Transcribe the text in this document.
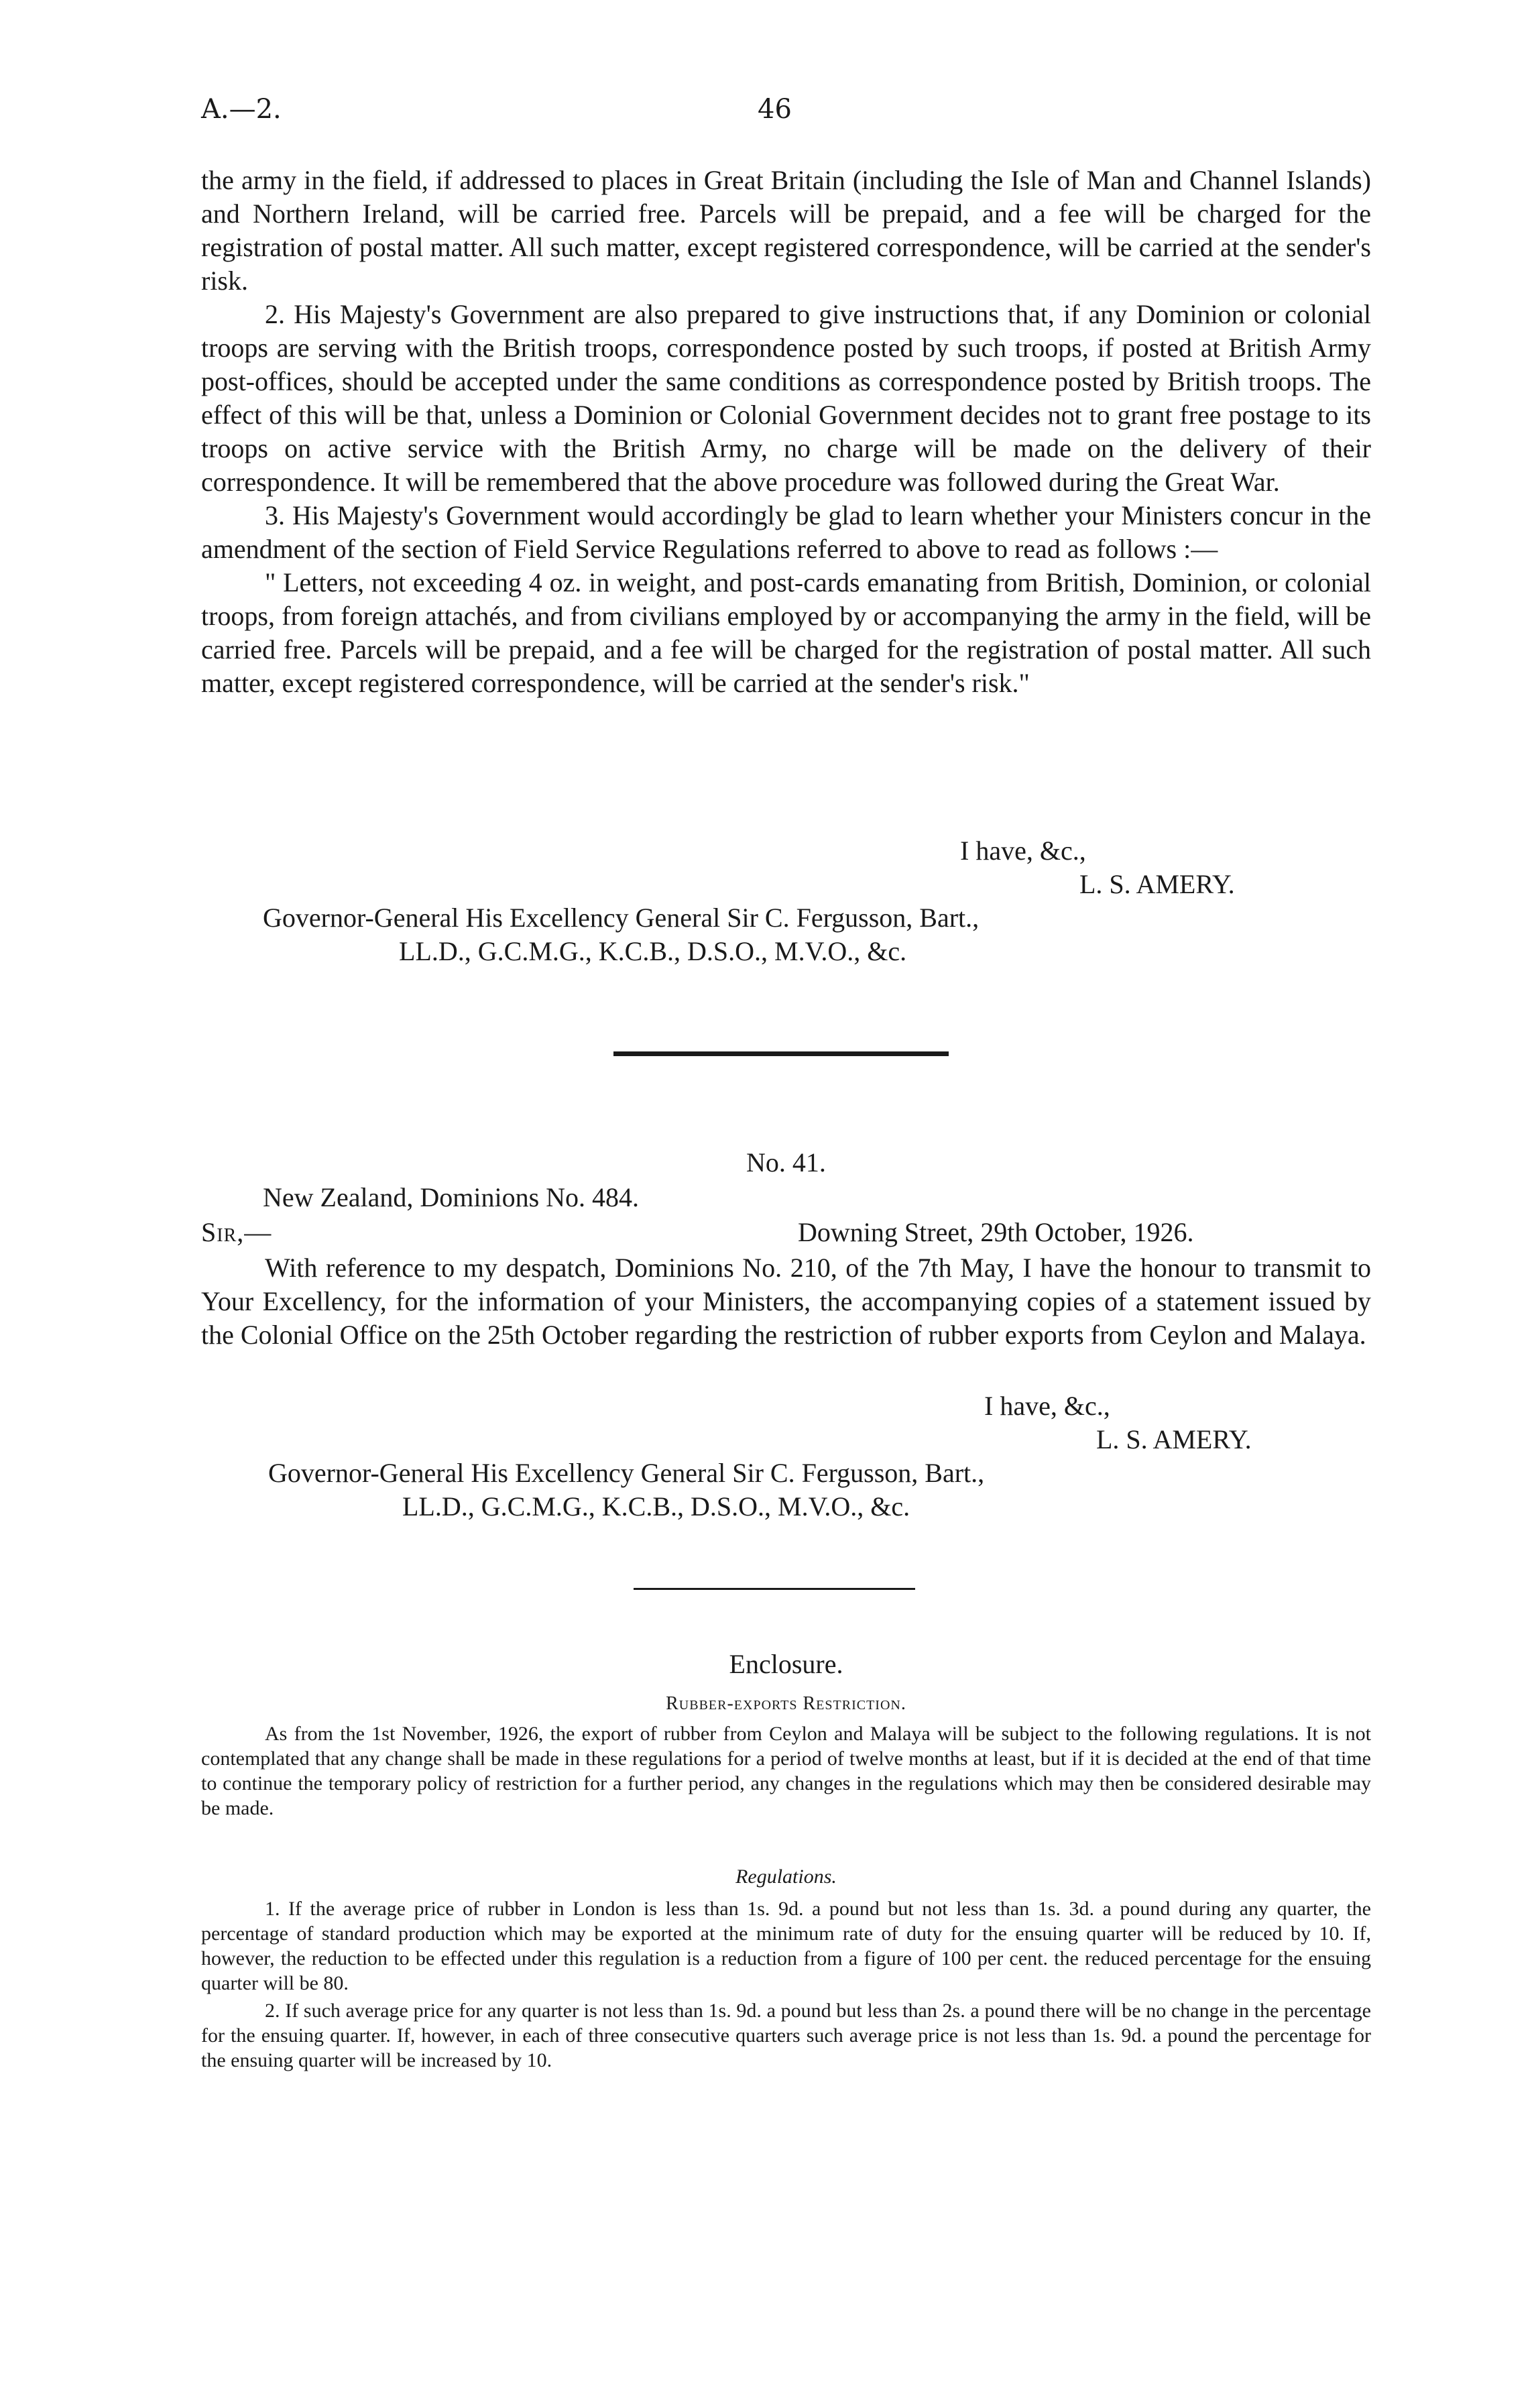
A.—2.	46

the army in the field, if addressed to places in Great Britain (including the Isle of Man and Channel Islands) and Northern Ireland, will be carried free. Parcels will be prepaid, and a fee will be charged for the registration of postal matter. All such matter, except registered correspondence, will be carried at the sender's risk.

2. His Majesty's Government are also prepared to give instructions that, if any Dominion or colonial troops are serving with the British troops, correspondence posted by such troops, if posted at British Army post-offices, should be accepted under the same conditions as correspondence posted by British troops. The effect of this will be that, unless a Dominion or Colonial Government decides not to grant free postage to its troops on active service with the British Army, no charge will be made on the delivery of their correspondence. It will be remembered that the above procedure was followed during the Great War.

3. His Majesty's Government would accordingly be glad to learn whether your Ministers concur in the amendment of the section of Field Service Regulations referred to above to read as follows :—

" Letters, not exceeding 4 oz. in weight, and post-cards emanating from British, Dominion, or colonial troops, from foreign attachés, and from civilians employed by or accompanying the army in the field, will be carried free. Parcels will be prepaid, and a fee will be charged for the registration of postal matter. All such matter, except registered correspondence, will be carried at the sender's risk."

I have, &c.,
L. S. AMERY.
Governor-General His Excellency General Sir C. Fergusson, Bart.,
LL.D., G.C.M.G., K.C.B., D.S.O., M.V.O., &c.
No. 41.
New Zealand, Dominions No. 484.
Sir,—	Downing Street, 29th October, 1926.

With reference to my despatch, Dominions No. 210, of the 7th May, I have the honour to transmit to Your Excellency, for the information of your Ministers, the accompanying copies of a statement issued by the Colonial Office on the 25th October regarding the restriction of rubber exports from Ceylon and Malaya.

I have, &c.,
L. S. AMERY.
Governor-General His Excellency General Sir C. Fergusson, Bart.,
LL.D., G.C.M.G., K.C.B., D.S.O., M.V.O., &c.
Enclosure.
Rubber-exports Restriction.

As from the 1st November, 1926, the export of rubber from Ceylon and Malaya will be subject to the following regulations. It is not contemplated that any change shall be made in these regulations for a period of twelve months at least, but if it is decided at the end of that time to continue the temporary policy of restriction for a further period, any changes in the regulations which may then be considered desirable may be made.

Regulations.

1. If the average price of rubber in London is less than 1s. 9d. a pound but not less than 1s. 3d. a pound during any quarter, the percentage of standard production which may be exported at the minimum rate of duty for the ensuing quarter will be reduced by 10. If, however, the reduction to be effected under this regulation is a reduction from a figure of 100 per cent. the reduced percentage for the ensuing quarter will be 80.

2. If such average price for any quarter is not less than 1s. 9d. a pound but less than 2s. a pound there will be no change in the percentage for the ensuing quarter. If, however, in each of three consecutive quarters such average price is not less than 1s. 9d. a pound the percentage for the ensuing quarter will be increased by 10.
